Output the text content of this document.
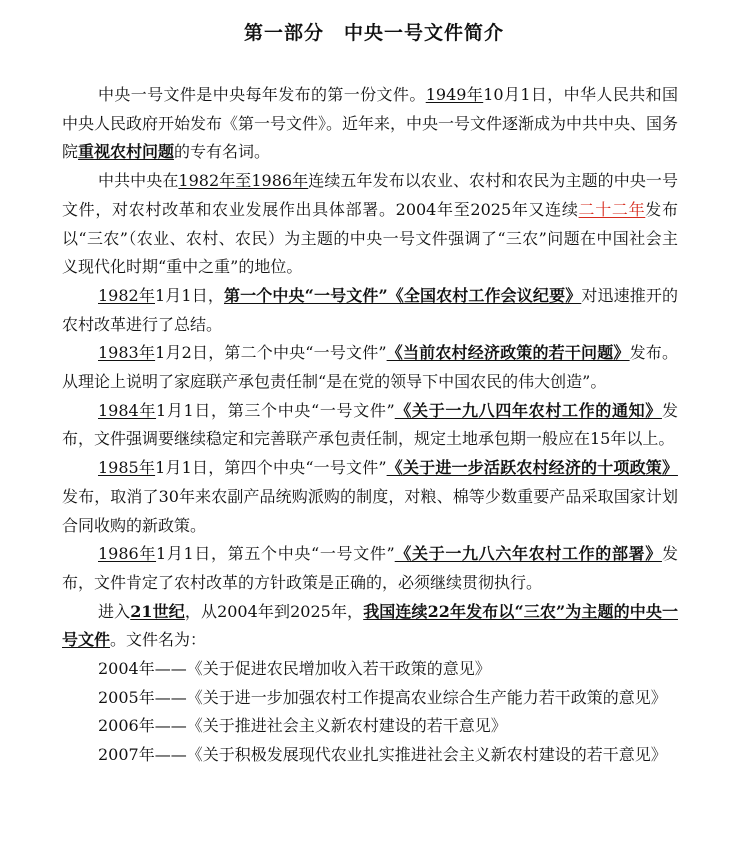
第一部分　中央一号文件简介

中央一号文件是中央每年发布的第一份文件。1949年10月1日，中华人民共和国中央人民政府开始发布《第一号文件》。近年来，中央一号文件逐渐成为中共中央、国务院重视农村问题的专有名词。

中共中央在1982年至1986年连续五年发布以农业、农村和农民为主题的中央一号文件，对农村改革和农业发展作出具体部署。2004年至2025年又连续二十二年发布以“三农”（农业、农村、农民）为主题的中央一号文件强调了“三农”问题在中国社会主义现代化时期“重中之重”的地位。

1982年1月1日，第一个中央“一号文件”《全国农村工作会议纪要》对迅速推开的农村改革进行了总结。

1983年1月2日，第二个中央“一号文件”《当前农村经济政策的若干问题》发布。从理论上说明了家庭联产承包责任制“是在党的领导下中国农民的伟大创造”。

1984年1月1日，第三个中央“一号文件”《关于一九八四年农村工作的通知》发布，文件强调要继续稳定和完善联产承包责任制，规定土地承包期一般应在15年以上。

1985年1月1日，第四个中央“一号文件”《关于进一步活跃农村经济的十项政策》发布，取消了30年来农副产品统购派购的制度，对粮、棉等少数重要产品采取国家计划合同收购的新政策。

1986年1月1日，第五个中央“一号文件”《关于一九八六年农村工作的部署》发布，文件肯定了农村改革的方针政策是正确的，必须继续贯彻执行。

进入21世纪，从2004年到2025年，我国连续22年发布以“三农”为主题的中央一号文件。文件名为：

2004年——《关于促进农民增加收入若干政策的意见》

2005年——《关于进一步加强农村工作提高农业综合生产能力若干政策的意见》

2006年——《关于推进社会主义新农村建设的若干意见》

2007年——《关于积极发展现代农业扎实推进社会主义新农村建设的若干意见》
